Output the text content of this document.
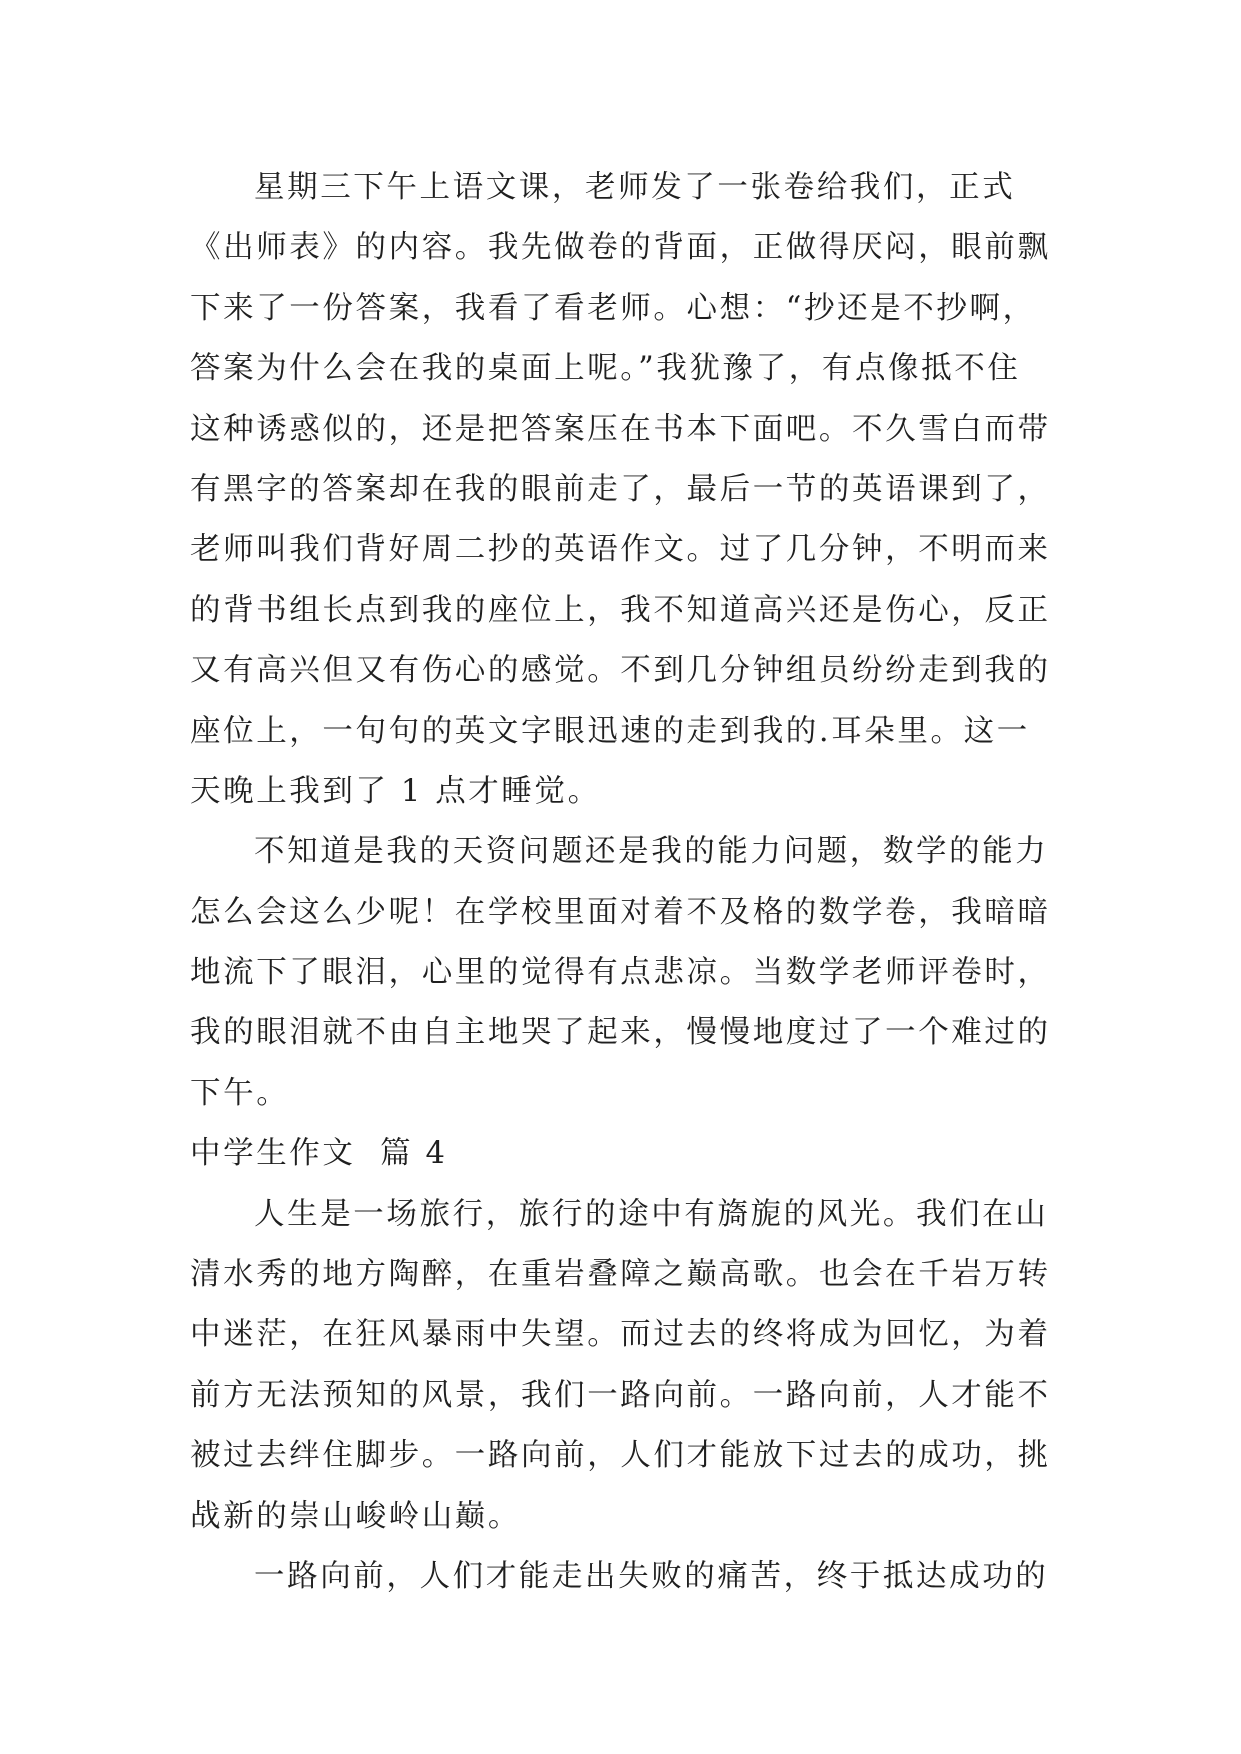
星期三下午上语文课，老师发了一张卷给我们，正式
《出师表》的内容。我先做卷的背面，正做得厌闷，眼前飘
下来了一份答案，我看了看老师。心想：“抄还是不抄啊，
答案为什么会在我的桌面上呢。”我犹豫了，有点像抵不住
这种诱惑似的，还是把答案压在书本下面吧。不久雪白而带
有黑字的答案却在我的眼前走了，最后一节的英语课到了，
老师叫我们背好周二抄的英语作文。过了几分钟，不明而来
的背书组长点到我的座位上，我不知道高兴还是伤心，反正
又有高兴但又有伤心的感觉。不到几分钟组员纷纷走到我的
座位上，一句句的英文字眼迅速的走到我的.耳朵里。这一
天晚上我到了 1 点才睡觉。
不知道是我的天资问题还是我的能力问题，数学的能力
怎么会这么少呢！在学校里面对着不及格的数学卷，我暗暗
地流下了眼泪，心里的觉得有点悲凉。当数学老师评卷时，
我的眼泪就不由自主地哭了起来，慢慢地度过了一个难过的
下午。
中学生作文  篇 4
人生是一场旅行，旅行的途中有旖旎的风光。我们在山
清水秀的地方陶醉，在重岩叠障之巅高歌。也会在千岩万转
中迷茫，在狂风暴雨中失望。而过去的终将成为回忆，为着
前方无法预知的风景，我们一路向前。一路向前，人才能不
被过去绊住脚步。一路向前，人们才能放下过去的成功，挑
战新的崇山峻岭山巅。
一路向前，人们才能走出失败的痛苦，终于抵达成功的
